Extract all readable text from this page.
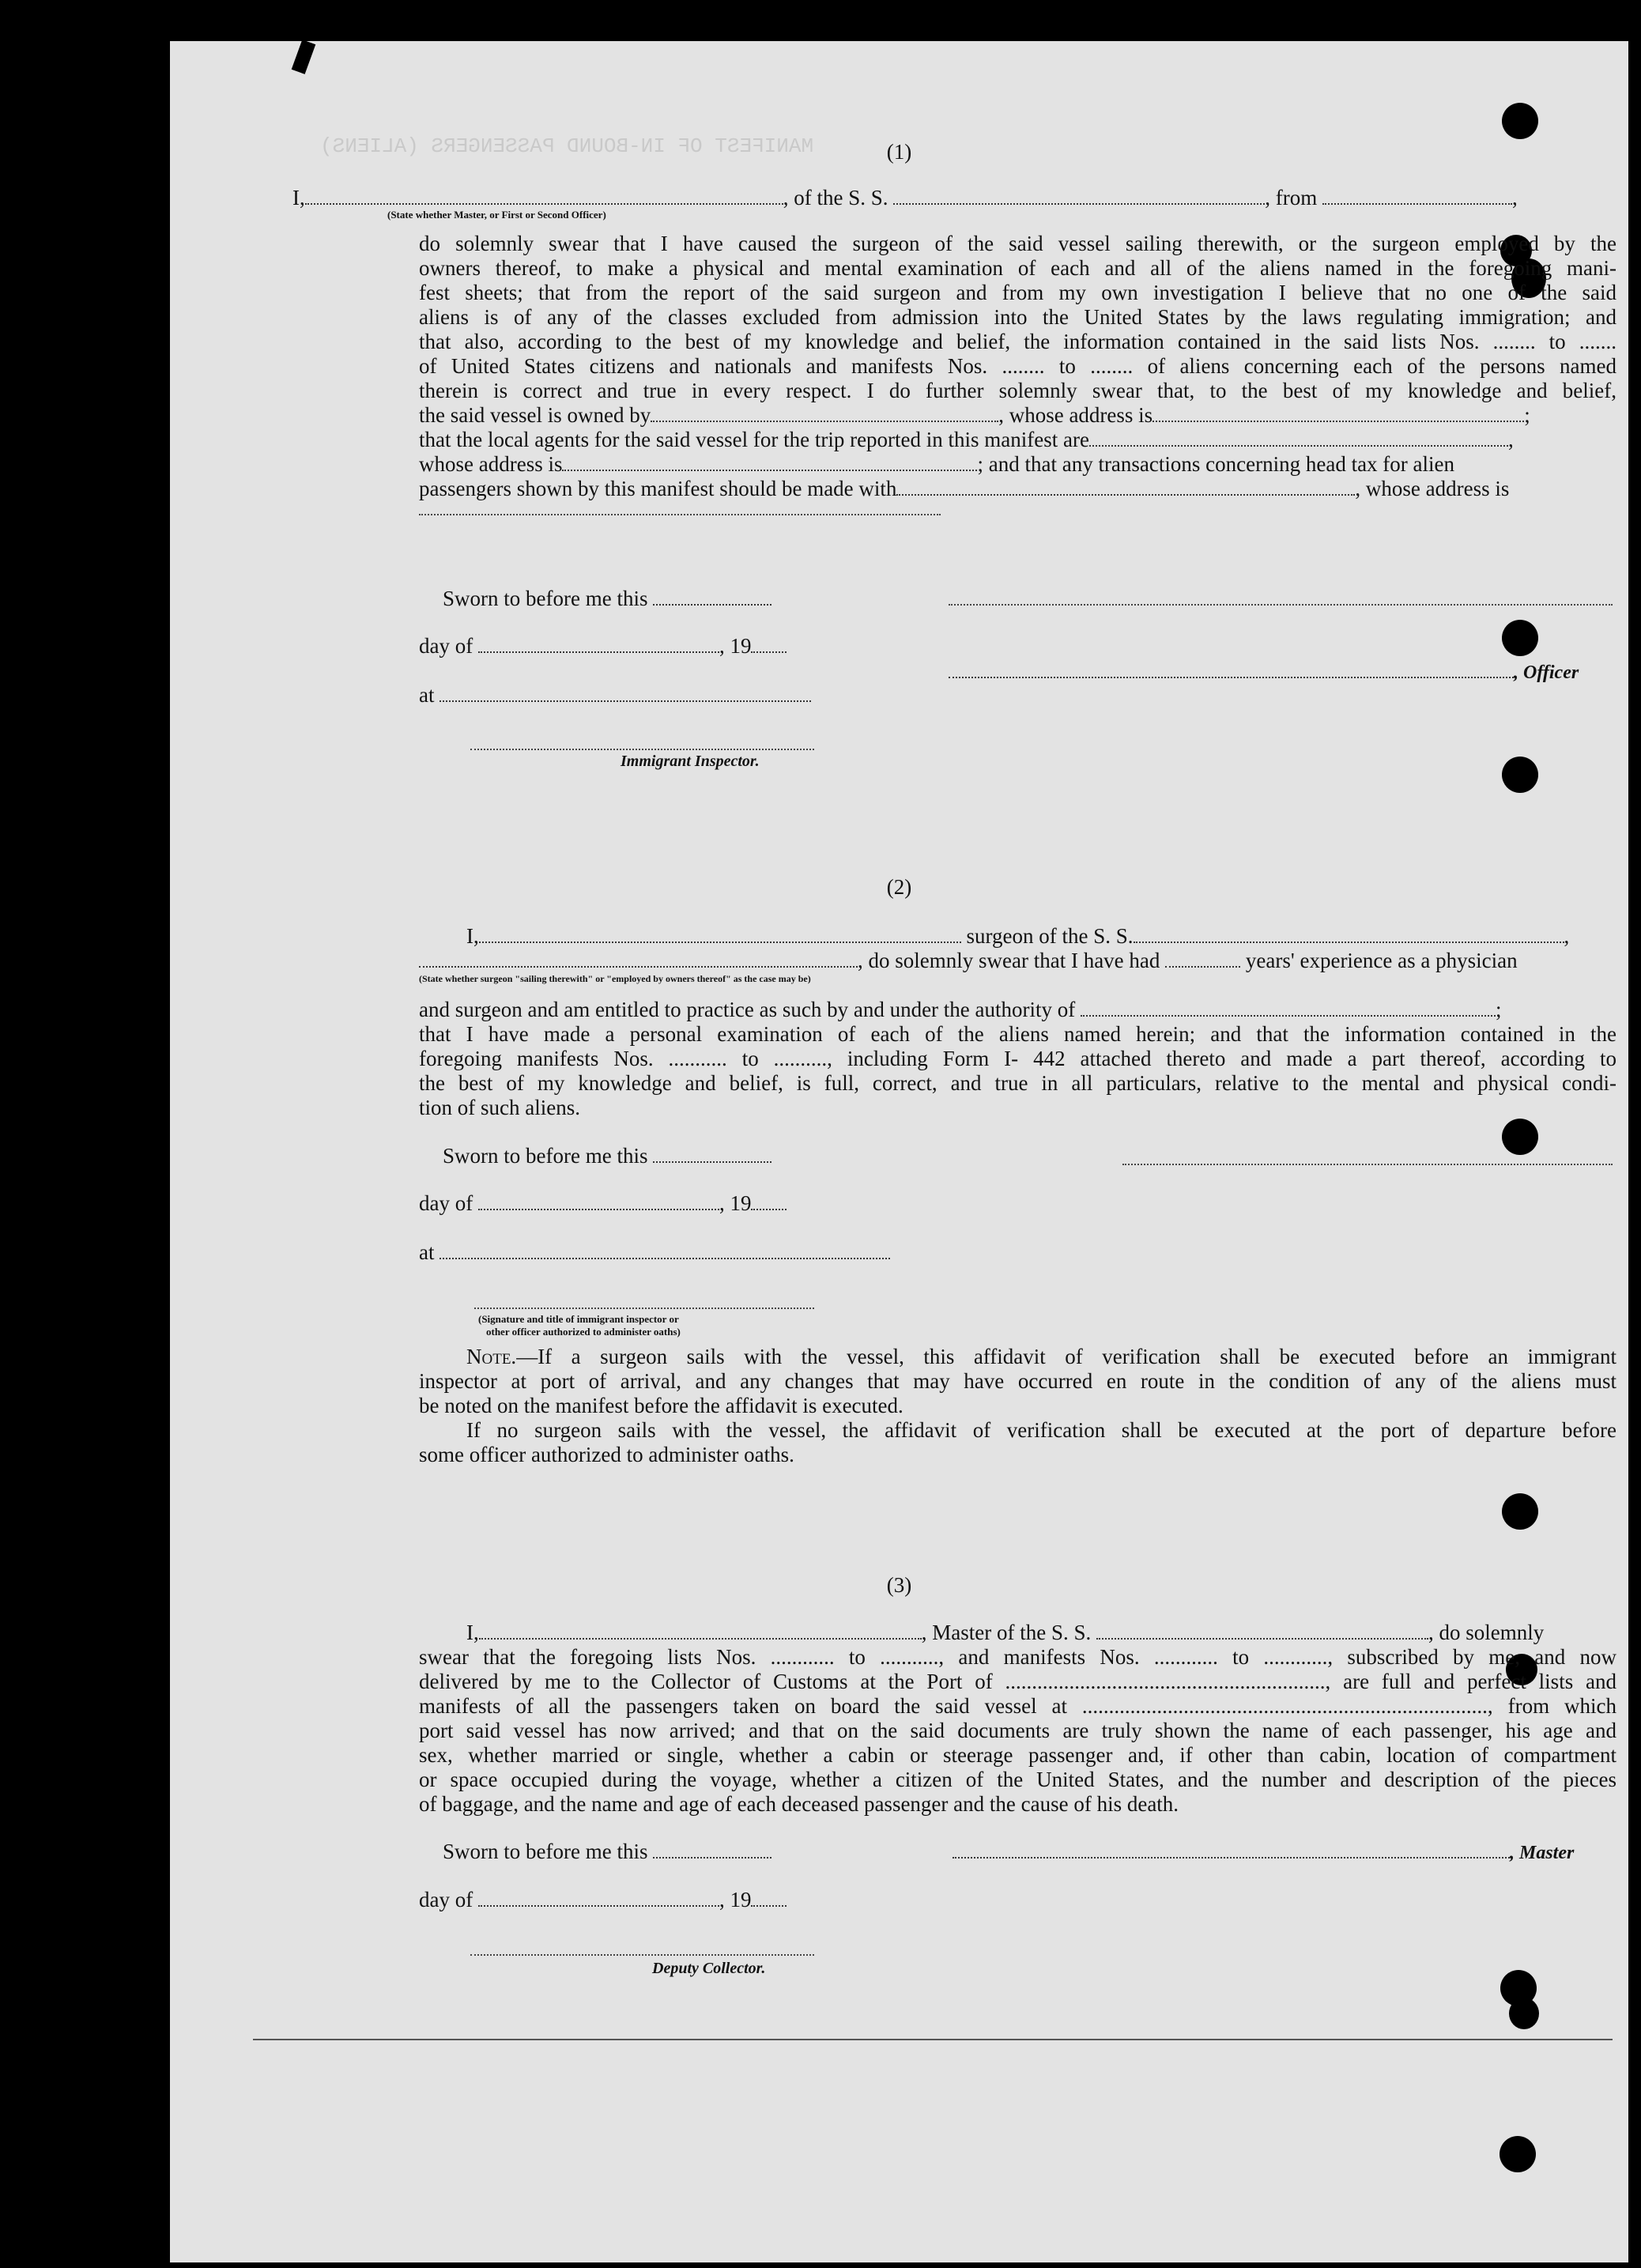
MANIFEST OF IN-BOUND PASSENGERS (ALIENS)	(1)
I,	, of the S. S.	, from	,
(State whether Master, or First or Second Officer)
do solemnly swear that I have caused the surgeon of the said vessel sailing therewith, or the surgeon employed by the
owners thereof, to make a physical and mental examination of each and all of the aliens named in the foregoing mani-
fest sheets; that from the report of the said surgeon and from my own investigation I believe that no one of the said
aliens is of any of the classes excluded from admission into the United States by the laws regulating immigration; and
that also, according to the best of my knowledge and belief, the information contained in the said lists Nos. ........ to .......
of United States citizens and nationals and manifests Nos. ........ to ........ of aliens concerning each of the persons named
therein is correct and true in every respect. I do further solemnly swear that, to the best of my knowledge and belief,
the said vessel is owned by	, whose address is	;
that the local agents for the said vessel for the trip reported in this manifest are	,
whose address is	; and that any transactions concerning head tax for alien
passengers shown by this manifest should be made with	, whose address is
Sworn to before me this
day of	, 19
at
Immigrant Inspector.
, Officer
(2)
I,	surgeon of the S. S.	,
, do solemnly swear that I have had	years' experience as a physician
(State whether surgeon "sailing therewith" or "employed by owners thereof" as the case may be)
and surgeon and am entitled to practice as such by and under the authority of	;
that I have made a personal examination of each of the aliens named herein; and that the information contained in the
foregoing manifests Nos. ........... to .........., including Form I- 442 attached thereto and made a part thereof, according to
the best of my knowledge and belief, is full, correct, and true in all particulars, relative to the mental and physical condi-
tion of such aliens.
Sworn to before me this
day of	, 19
at
(Signature and title of immigrant inspector or
other officer authorized to administer oaths)
Note.—If a surgeon sails with the vessel, this affidavit of verification shall be executed before an immigrant
inspector at port of arrival, and any changes that may have occurred en route in the condition of any of the aliens must
be noted on the manifest before the affidavit is executed.
If no surgeon sails with the vessel, the affidavit of verification shall be executed at the port of departure before
some officer authorized to administer oaths.
(3)
I,	, Master of the S. S.	, do solemnly
swear that the foregoing lists Nos. ............ to ..........., and manifests Nos. ............ to ............, subscribed by me, and now
delivered by me to the Collector of Customs at the Port of ............................................................, are full and perfect lists and
manifests of all the passengers taken on board the said vessel at ............................................................................, from which
port said vessel has now arrived; and that on the said documents are truly shown the name of each passenger, his age and
sex, whether married or single, whether a cabin or steerage passenger and, if other than cabin, location of compartment
or space occupied during the voyage, whether a citizen of the United States, and the number and description of the pieces
of baggage, and the name and age of each deceased passenger and the cause of his death.
Sworn to before me this	, Master
day of	, 19
Deputy Collector.
